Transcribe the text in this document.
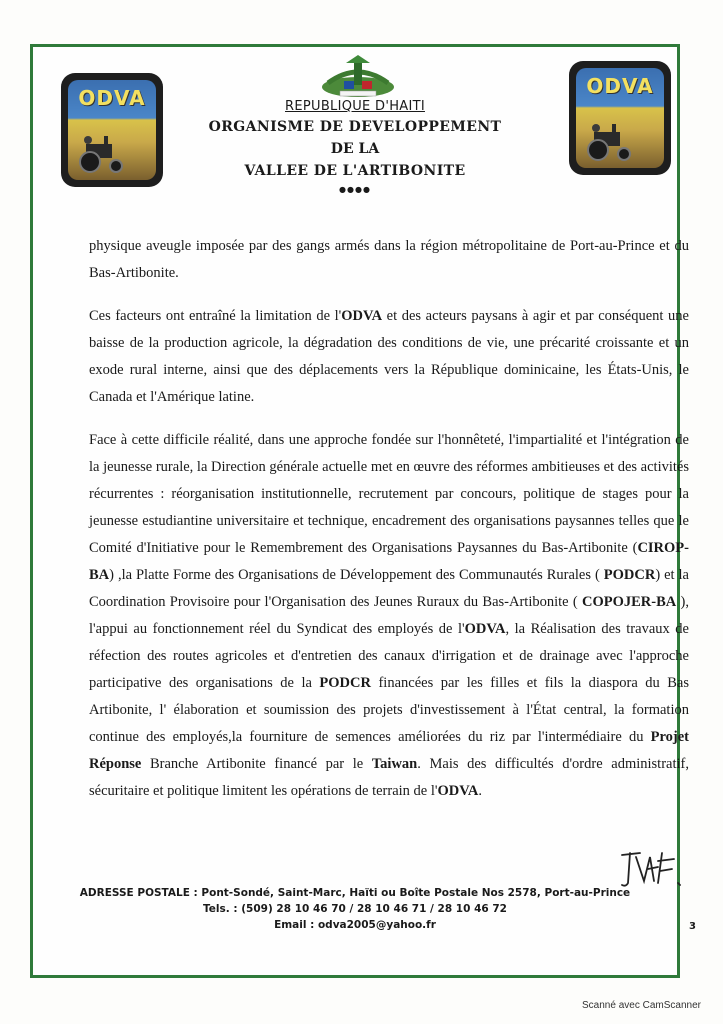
ODVA	REPUBLIQUE D'HAITI
ORGANISME DE DEVELOPPEMENT
DE LA
VALLEE DE L'ARTIBONITE
●●●●
ODVA

physique aveugle imposée par des gangs armés dans la région métropolitaine de Port-au-Prince et du Bas-Artibonite.

Ces facteurs ont entraîné la limitation de l'ODVA et des acteurs paysans à agir et par conséquent une baisse de la production agricole, la dégradation des conditions de vie, une précarité croissante et un exode rural interne, ainsi que des déplacements vers la République dominicaine, les États-Unis, le Canada et l'Amérique latine.

Face à cette difficile réalité, dans une approche fondée sur l'honnêteté, l'impartialité et l'intégration de la jeunesse rurale, la Direction générale actuelle met en œuvre des réformes ambitieuses et des activités récurrentes : réorganisation institutionnelle, recrutement par concours, politique de stages pour la jeunesse estudiantine universitaire et technique, encadrement des organisations paysannes telles que le Comité d'Initiative pour le Remembrement des Organisations Paysannes du Bas-Artibonite (CIROP-BA) ,la Platte Forme des Organisations de Développement des Communautés Rurales ( PODCR) et la Coordination Provisoire pour l'Organisation des Jeunes Ruraux du Bas-Artibonite ( COPOJER-BA ), l'appui au fonctionnement réel du Syndicat des employés de l'ODVA, la Réalisation des travaux de réfection des routes agricoles et d'entretien des canaux d'irrigation et de drainage avec l'approche participative des organisations de la PODCR financées par les filles et fils la diaspora du Bas Artibonite, l' élaboration et soumission des projets d'investissement à l'État central, la formation continue des employés,la fourniture de semences améliorées du riz par l'intermédiaire du Projet Réponse Branche Artibonite financé par le Taiwan. Mais des difficultés d'ordre administratif, sécuritaire et politique limitent les opérations de terrain de l'ODVA.

ADRESSE POSTALE : Pont-Sondé, Saint-Marc, Haïti ou Boîte Postale Nos 2578, Port-au-Prince
Tels. : (509) 28 10 46 70 / 28 10 46 71 / 28 10 46 72
Email : odva2005@yahoo.fr	3
Scanné avec CamScanner
